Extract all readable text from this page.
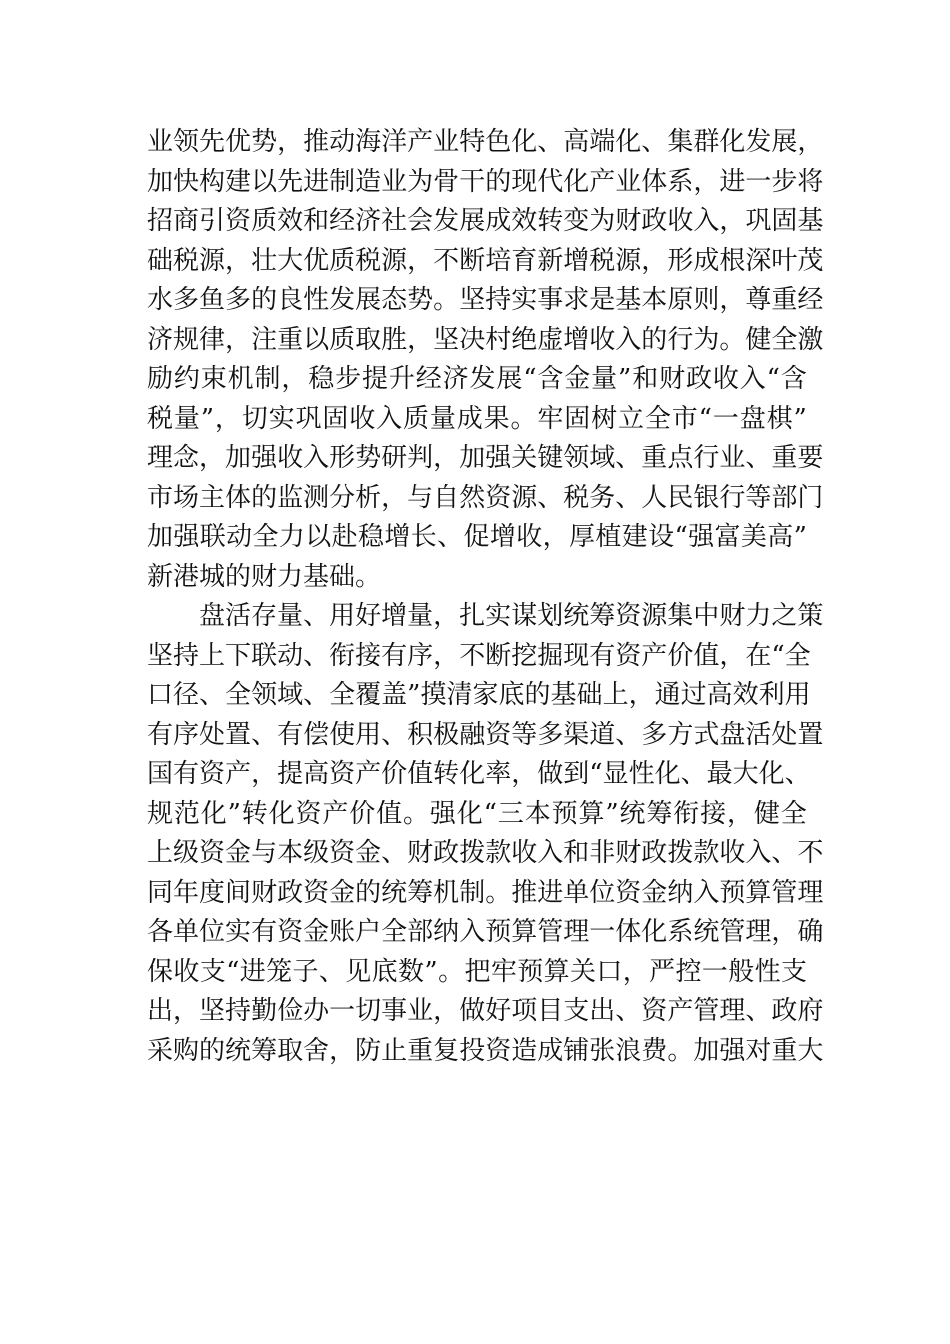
业 领 先 优 势 ， 推 动 海 洋 产 业 特 色 化 、 高 端 化 、 集 群 化 发 展 ，
加 快 构 建 以 先 进 制 造 业 为 骨 干 的 现 代 化 产 业 体 系 ， 进 一 步 将
招 商 引 资 质 效 和 经 济 社 会 发 展 成 效 转 变 为 财 政 收 入 ， 巩 固 基
础 税 源 ， 壮 大 优 质 税 源 ， 不 断 培 育 新 增 税 源 ， 形 成 根 深 叶 茂
水 多 鱼 多 的 良 性 发 展 态 势 。 坚 持 实 事 求 是 基 本 原 则 ， 尊 重 经
济 规 律 ， 注 重 以 质 取 胜 ， 坚 决 村 绝 虚 增 收 入 的 行 为 。 健 全 激
励 约 束 机 制 ， 稳 步 提 升 经 济 发 展 “ 含 金 量 ” 和 财 政 收 入 “ 含
税 量 ” ， 切 实 巩 固 收 入 质 量 成 果 。 牢 固 树 立 全 市 “ 一 盘 棋 ”
理 念 ， 加 强 收 入 形 势 研 判 ， 加 强 关 键 领 域 、 重 点 行 业 、 重 要
市 场 主 体 的 监 测 分 析 ， 与 自 然 资 源 、 税 务 、 人 民 银 行 等 部 门
加 强 联 动 全 力 以 赴 稳 增 长 、 促 增 收 ， 厚 植 建 设 “ 强 富 美 高 ”
新港城的财力基础。
盘 活 存 量 、 用 好 增 量 ， 扎 实 谋 划 统 筹 资 源 集 中 财 力 之 策
坚 持 上 下 联 动 、 衔 接 有 序 ， 不 断 挖 掘 现 有 资 产 价 值 ， 在 “ 全
口 径 、 全 领 域 、 全 覆 盖 ” 摸 清 家 底 的 基 础 上 ， 通 过 高 效 利 用
有 序 处 置 、 有 偿 使 用 、 积 极 融 资 等 多 渠 道 、 多 方 式 盘 活 处 置
国 有 资 产 ， 提 高 资 产 价 值 转 化 率 ， 做 到 “ 显 性 化 、 最 大 化 、
规 范 化 ” 转 化 资 产 价 值 。 强 化 “ 三 本 预 算 ” 统 筹 衔 接 ， 健 全
上 级 资 金 与 本 级 资 金 、 财 政 拨 款 收 入 和 非 财 政 拨 款 收 入 、 不
同 年 度 间 财 政 资 金 的 统 筹 机 制 。 推 进 单 位 资 金 纳 入 预 算 管 理
各 单 位 实 有 资 金 账 户 全 部 纳 入 预 算 管 理 一 体 化 系 统 管 理 ， 确
保 收 支 “ 进 笼 子 、 见 底 数 ” 。 把 牢 预 算 关 口 ， 严 控 一 般 性 支
出 ， 坚 持 勤 俭 办 一 切 事 业 ， 做 好 项 目 支 出 、 资 产 管 理 、 政 府
采 购 的 统 筹 取 舍 ， 防 止 重 复 投 资 造 成 铺 张 浪 费 。 加 强 对 重 大
